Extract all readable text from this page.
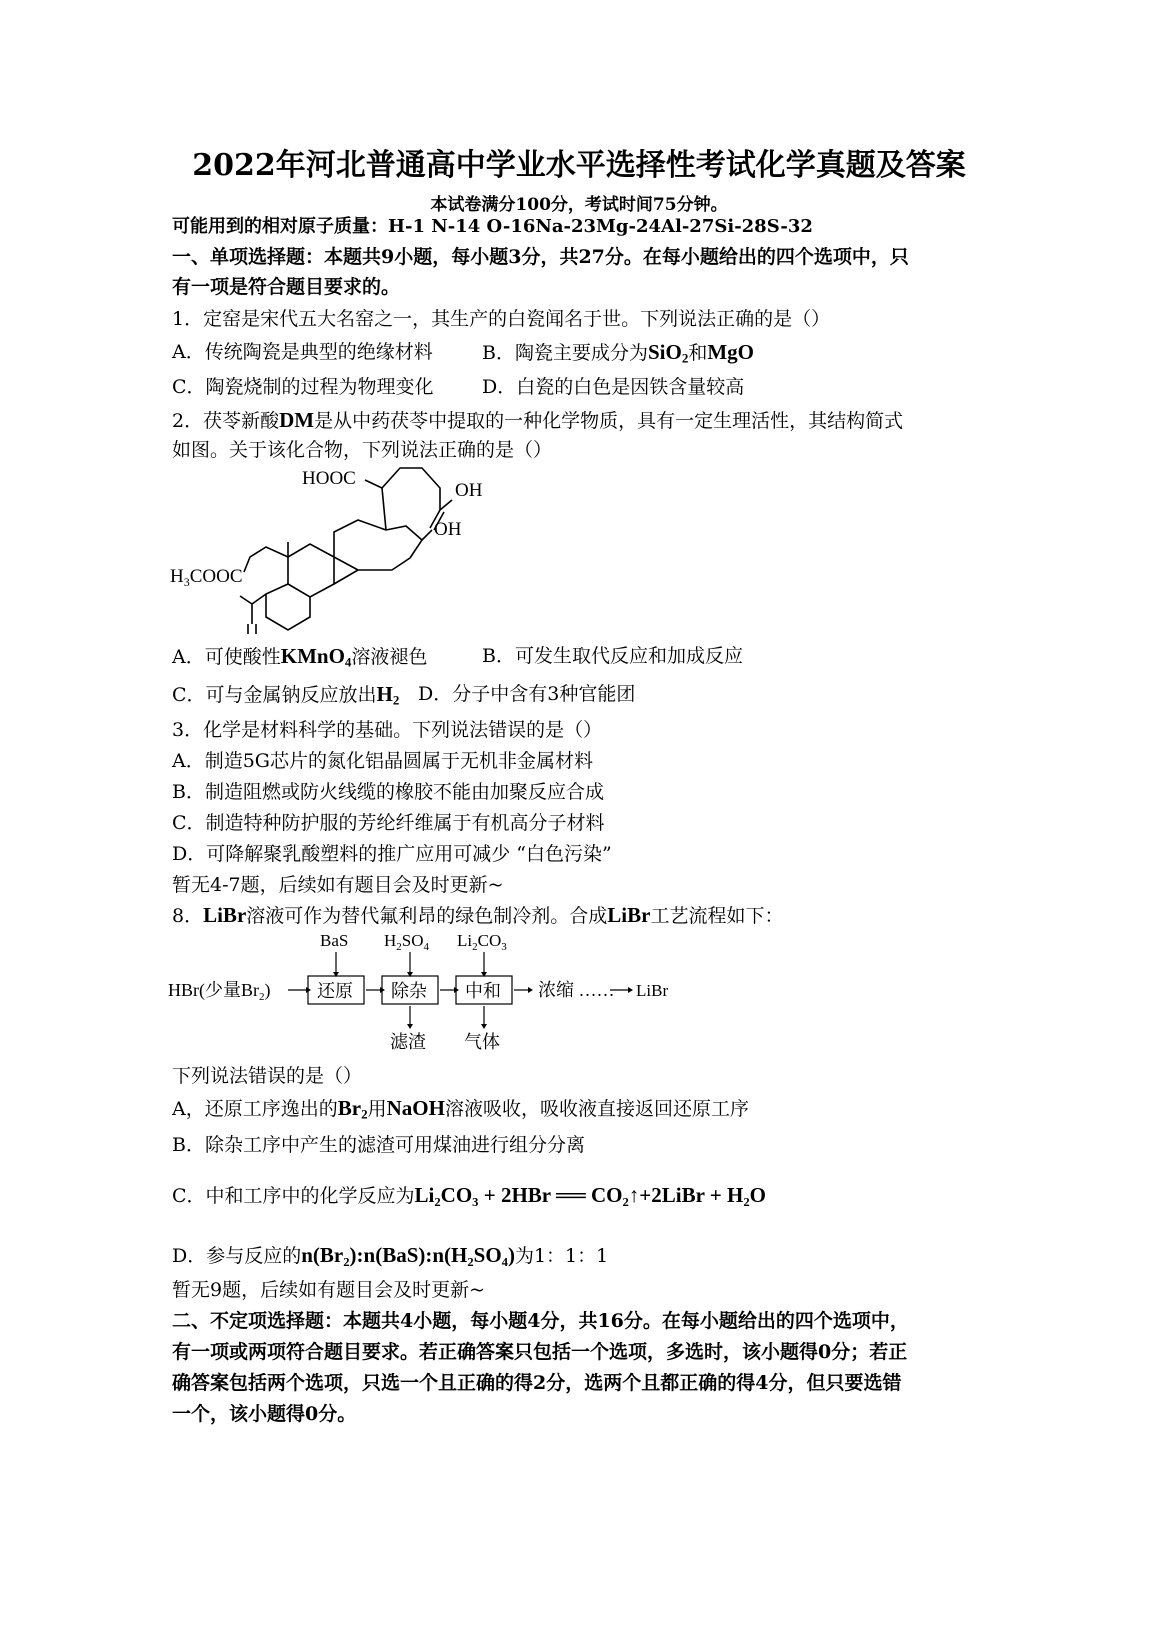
2022年河北普通高中学业水平选择性考试化学真题及答案
本试卷满分100分，考试时间75分钟。
可能用到的相对原子质量：H-1 N-14 O-16Na-23Mg-24Al-27Si-28S-32
一、单项选择题：本题共9小题，每小题3分，共27分。在每小题给出的四个选项中，只
有一项是符合题目要求的。
1．定窑是宋代五大名窑之一，其生产的白瓷闻名于世。下列说法正确的是（）
A．传统陶瓷是典型的绝缘材料	B．陶瓷主要成分为SiO$_2$和MgO
C．陶瓷烧制的过程为物理变化	D．白瓷的白色是因铁含量较高
2．茯苓新酸DM是从中药茯苓中提取的一种化学物质，具有一定生理活性，其结构简式
如图。关于该化合物，下列说法正确的是（）
HOOC
OH
OH
$H_3COOC$
A．可使酸性KMnO$_4$溶液褪色	B．可发生取代反应和加成反应
C．可与金属钠反应放出$H_2$ D．分子中含有3种官能团
3．化学是材料科学的基础。下列说法错误的是（）
A．制造5G芯片的氮化铝晶圆属于无机非金属材料
B．制造阻燃或防火线缆的橡胶不能由加聚反应合成
C．制造特种防护服的芳纶纤维属于有机高分子材料
D．可降解聚乳酸塑料的推广应用可减少 “白色污染”
暂无4-7题，后续如有题目会及时更新~
8．LiBr溶液可作为替代氟利昂的绿色制冷剂。合成LiBr工艺流程如下：
BaS $H_2SO_4$ $Li_2CO_3$
HBr(少量$Br_2$)	还原 除杂 中和 浓缩 …… LiBr
滤渣 气体
下列说法错误的是（）
A，还原工序逸出的$Br_2$用NaOH溶液吸收，吸收液直接返回还原工序
B．除杂工序中产生的滤渣可用煤油进行组分分离
C．中和工序中的化学反应为Li₂CO₃ + 2HBr ══ CO₂↑+2LiBr + H₂O
D．参与反应的n(Br₂):n(BaS):n(H₂SO₄)为1：1：1
暂无9题，后续如有题目会及时更新~
二、不定项选择题：本题共4小题，每小题4分，共16分。在每小题给出的四个选项中，
有一项或两项符合题目要求。若正确答案只包括一个选项，多选时，该小题得0分；若正
确答案包括两个选项，只选一个且正确的得2分，选两个且都正确的得4分，但只要选错
一个，该小题得0分。
